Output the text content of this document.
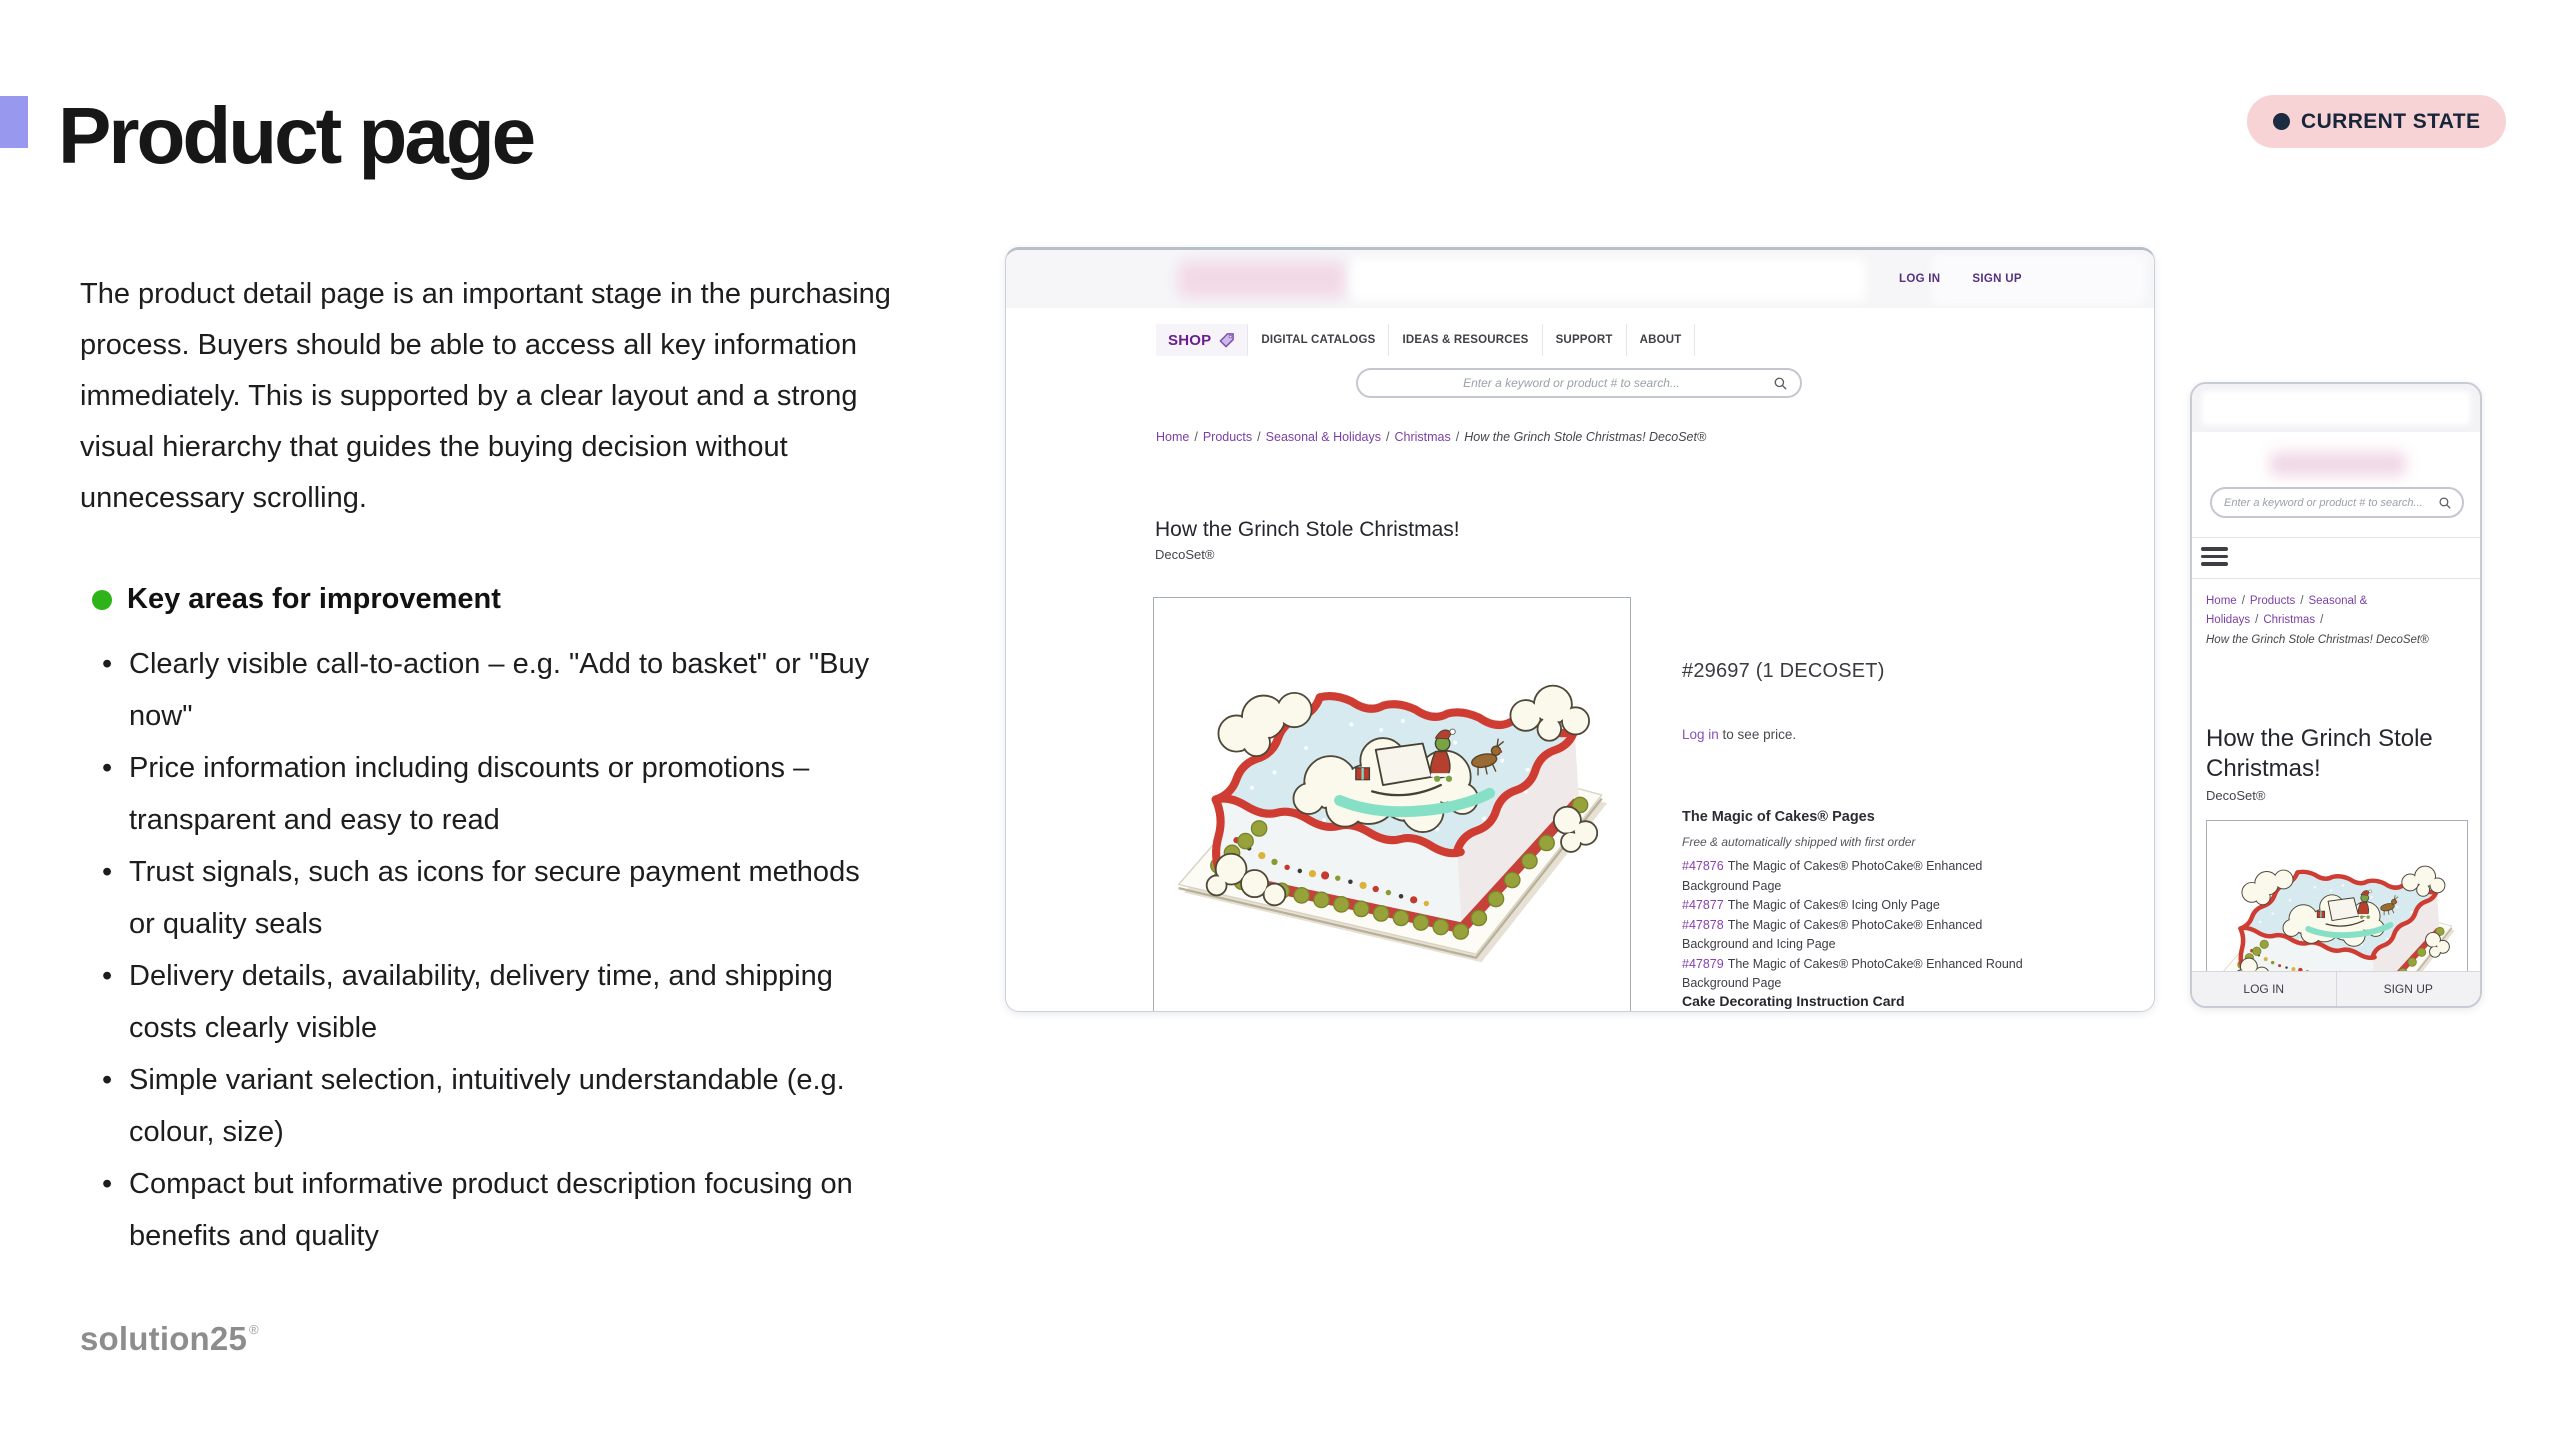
Product page	CURRENT STATE

The product detail page is an important stage in the purchasing process. Buyers should be able to access all key information immediately. This is supported by a clear layout and a strong visual hierarchy that guides the buying decision without unnecessary scrolling.

Key areas for improvement
• Clearly visible call-to-action – e.g. "Add to basket" or "Buy now"
• Price information including discounts or promotions – transparent and easy to read
• Trust signals, such as icons for secure payment methods or quality seals
• Delivery details, availability, delivery time, and shipping costs clearly visible
• Simple variant selection, intuitively understandable (e.g. colour, size)
• Compact but informative product description focusing on benefits and quality
solution25 ®
LOG IN	SIGN UP
SHOP	DIGITAL CATALOGS	IDEAS & RESOURCES	SUPPORT	ABOUT
Enter a keyword or product # to search...
Home / Products / Seasonal & Holidays / Christmas / How the Grinch Stole Christmas! DecoSet®
How the Grinch Stole Christmas!
DecoSet®
#29697 (1 DECOSET)
Log in to see price.
The Magic of Cakes® Pages
Free & automatically shipped with first order
#47876 The Magic of Cakes® PhotoCake® Enhanced Background Page
#47877 The Magic of Cakes® Icing Only Page
#47878 The Magic of Cakes® PhotoCake® Enhanced Background and Icing Page
#47879 The Magic of Cakes® PhotoCake® Enhanced Round Background Page
Cake Decorating Instruction Card
Enter a keyword or product # to search...
Home / Products / Seasonal & Holidays / Christmas /
How the Grinch Stole Christmas! DecoSet®
How the Grinch Stole Christmas!
DecoSet®
LOG IN	SIGN UP
